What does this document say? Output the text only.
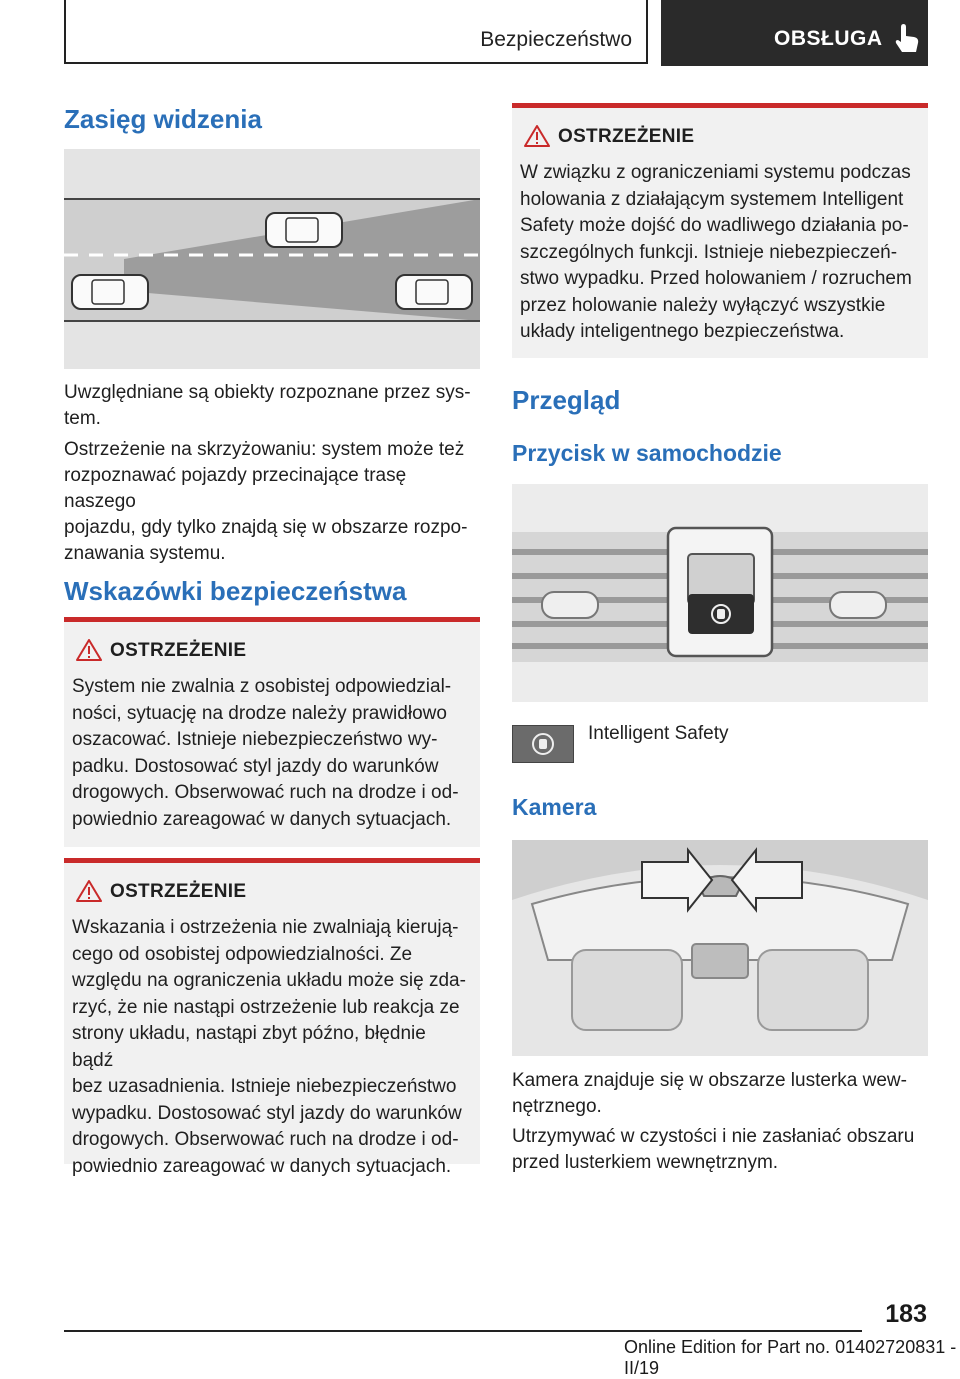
Bezpieczeństwo	OBSŁUGA
Zasięg widzenia

Uwzględniane są obiekty rozpoznane przez sys-
tem.

Ostrzeżenie na skrzyżowaniu: system może też
rozpoznawać pojazdy przecinające trasę naszego
pojazdu, gdy tylko znajdą się w obszarze rozpo-
znawania systemu.

Wskazówki bezpieczeństwa
OSTRZEŻENIE

System nie zwalnia z osobistej odpowiedzial-
ności, sytuację na drodze należy prawidłowo
oszacować. Istnieje niebezpieczeństwo wy-
padku. Dostosować styl jazdy do warunków
drogowych. Obserwować ruch na drodze i od-
powiednio zareagować w danych sytuacjach.

OSTRZEŻENIE

Wskazania i ostrzeżenia nie zwalniają kierują-
cego od osobistej odpowiedzialności. Ze
względu na ograniczenia układu może się zda-
rzyć, że nie nastąpi ostrzeżenie lub reakcja ze
strony układu, nastąpi zbyt późno, błędnie bądź
bez uzasadnienia. Istnieje niebezpieczeństwo
wypadku. Dostosować styl jazdy do warunków
drogowych. Obserwować ruch na drodze i od-
powiednio zareagować w danych sytuacjach.

OSTRZEŻENIE

W związku z ograniczeniami systemu podczas
holowania z działającym systemem Intelligent
Safety może dojść do wadliwego działania po-
szczególnych funkcji. Istnieje niebezpieczeń-
stwo wypadku. Przed holowaniem / rozruchem
przez holowanie należy wyłączyć wszystkie
układy inteligentnego bezpieczeństwa.

Przegląd
Przycisk w samochodzie
Intelligent Safety
Kamera

Kamera znajduje się w obszarze lusterka wew-
nętrznego.

Utrzymywać w czystości i nie zasłaniać obszaru
przed lusterkiem wewnętrznym.

183
Online Edition for Part no. 01402720831 - II/19
